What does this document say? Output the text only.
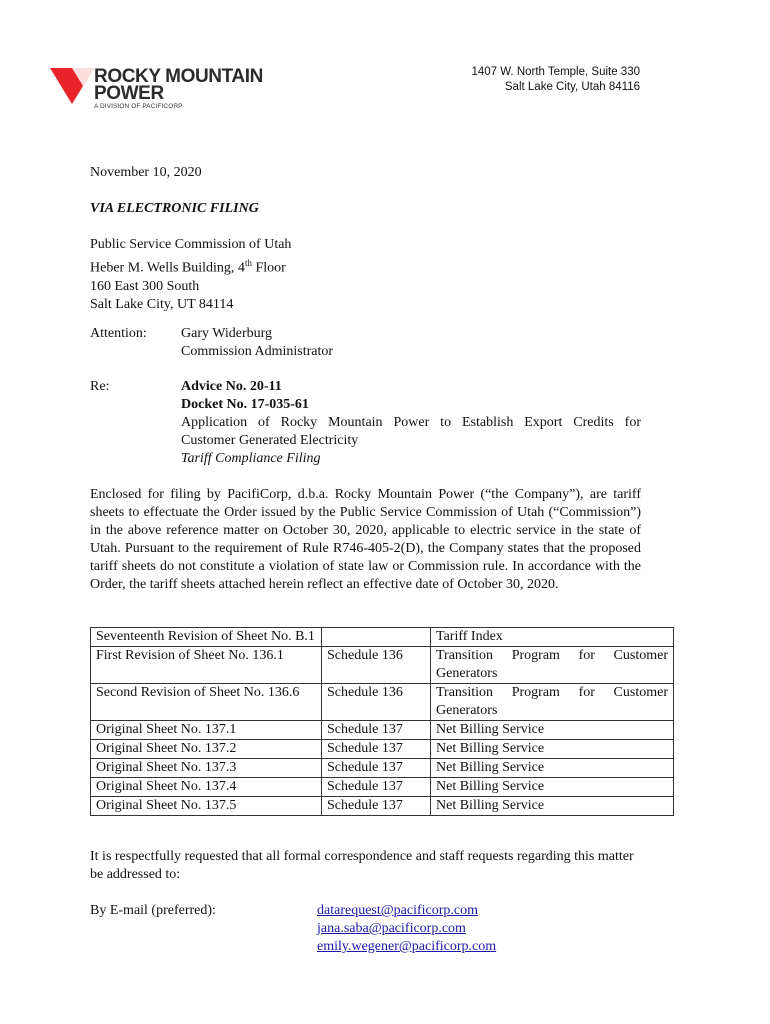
ROCKY MOUNTAIN
POWER
A DIVISION OF PACIFICORP
1407 W. North Temple, Suite 330
Salt Lake City, Utah 84116
November 10, 2020
VIA ELECTRONIC FILING
Public Service Commission of Utah
Heber M. Wells Building, 4th Floor
160 East 300 South
Salt Lake City, UT 84114
Attention: Gary Widerburg
Commission Administrator
Re:	Advice No. 20-11
Docket No. 17-035-61
Application of Rocky Mountain Power to Establish Export Credits for
Customer Generated Electricity
Tariff Compliance Filing
Enclosed for filing by PacifiCorp, d.b.a. Rocky Mountain Power (“the Company”), are tariff sheets to effectuate the Order issued by the Public Service Commission of Utah (“Commission”) in the above reference matter on October 30, 2020, applicable to electric service in the state of Utah. Pursuant to the requirement of Rule R746-405-2(D), the Company states that the proposed tariff sheets do not constitute a violation of state law or Commission rule. In accordance with the Order, the tariff sheets attached herein reflect an effective date of October 30, 2020.
Seventeenth Revision of Sheet No. B.1		Tariff Index
First Revision of Sheet No. 136.1	Schedule 136	Transition Program for Customer Generators
Second Revision of Sheet No. 136.6	Schedule 136	Transition Program for Customer Generators
Original Sheet No. 137.1	Schedule 137	Net Billing Service
Original Sheet No. 137.2	Schedule 137	Net Billing Service
Original Sheet No. 137.3	Schedule 137	Net Billing Service
Original Sheet No. 137.4	Schedule 137	Net Billing Service
Original Sheet No. 137.5	Schedule 137	Net Billing Service
It is respectfully requested that all formal correspondence and staff requests regarding this matter be addressed to:
By E-mail (preferred):	datarequest@pacificorp.com
jana.saba@pacificorp.com
emily.wegener@pacificorp.com
